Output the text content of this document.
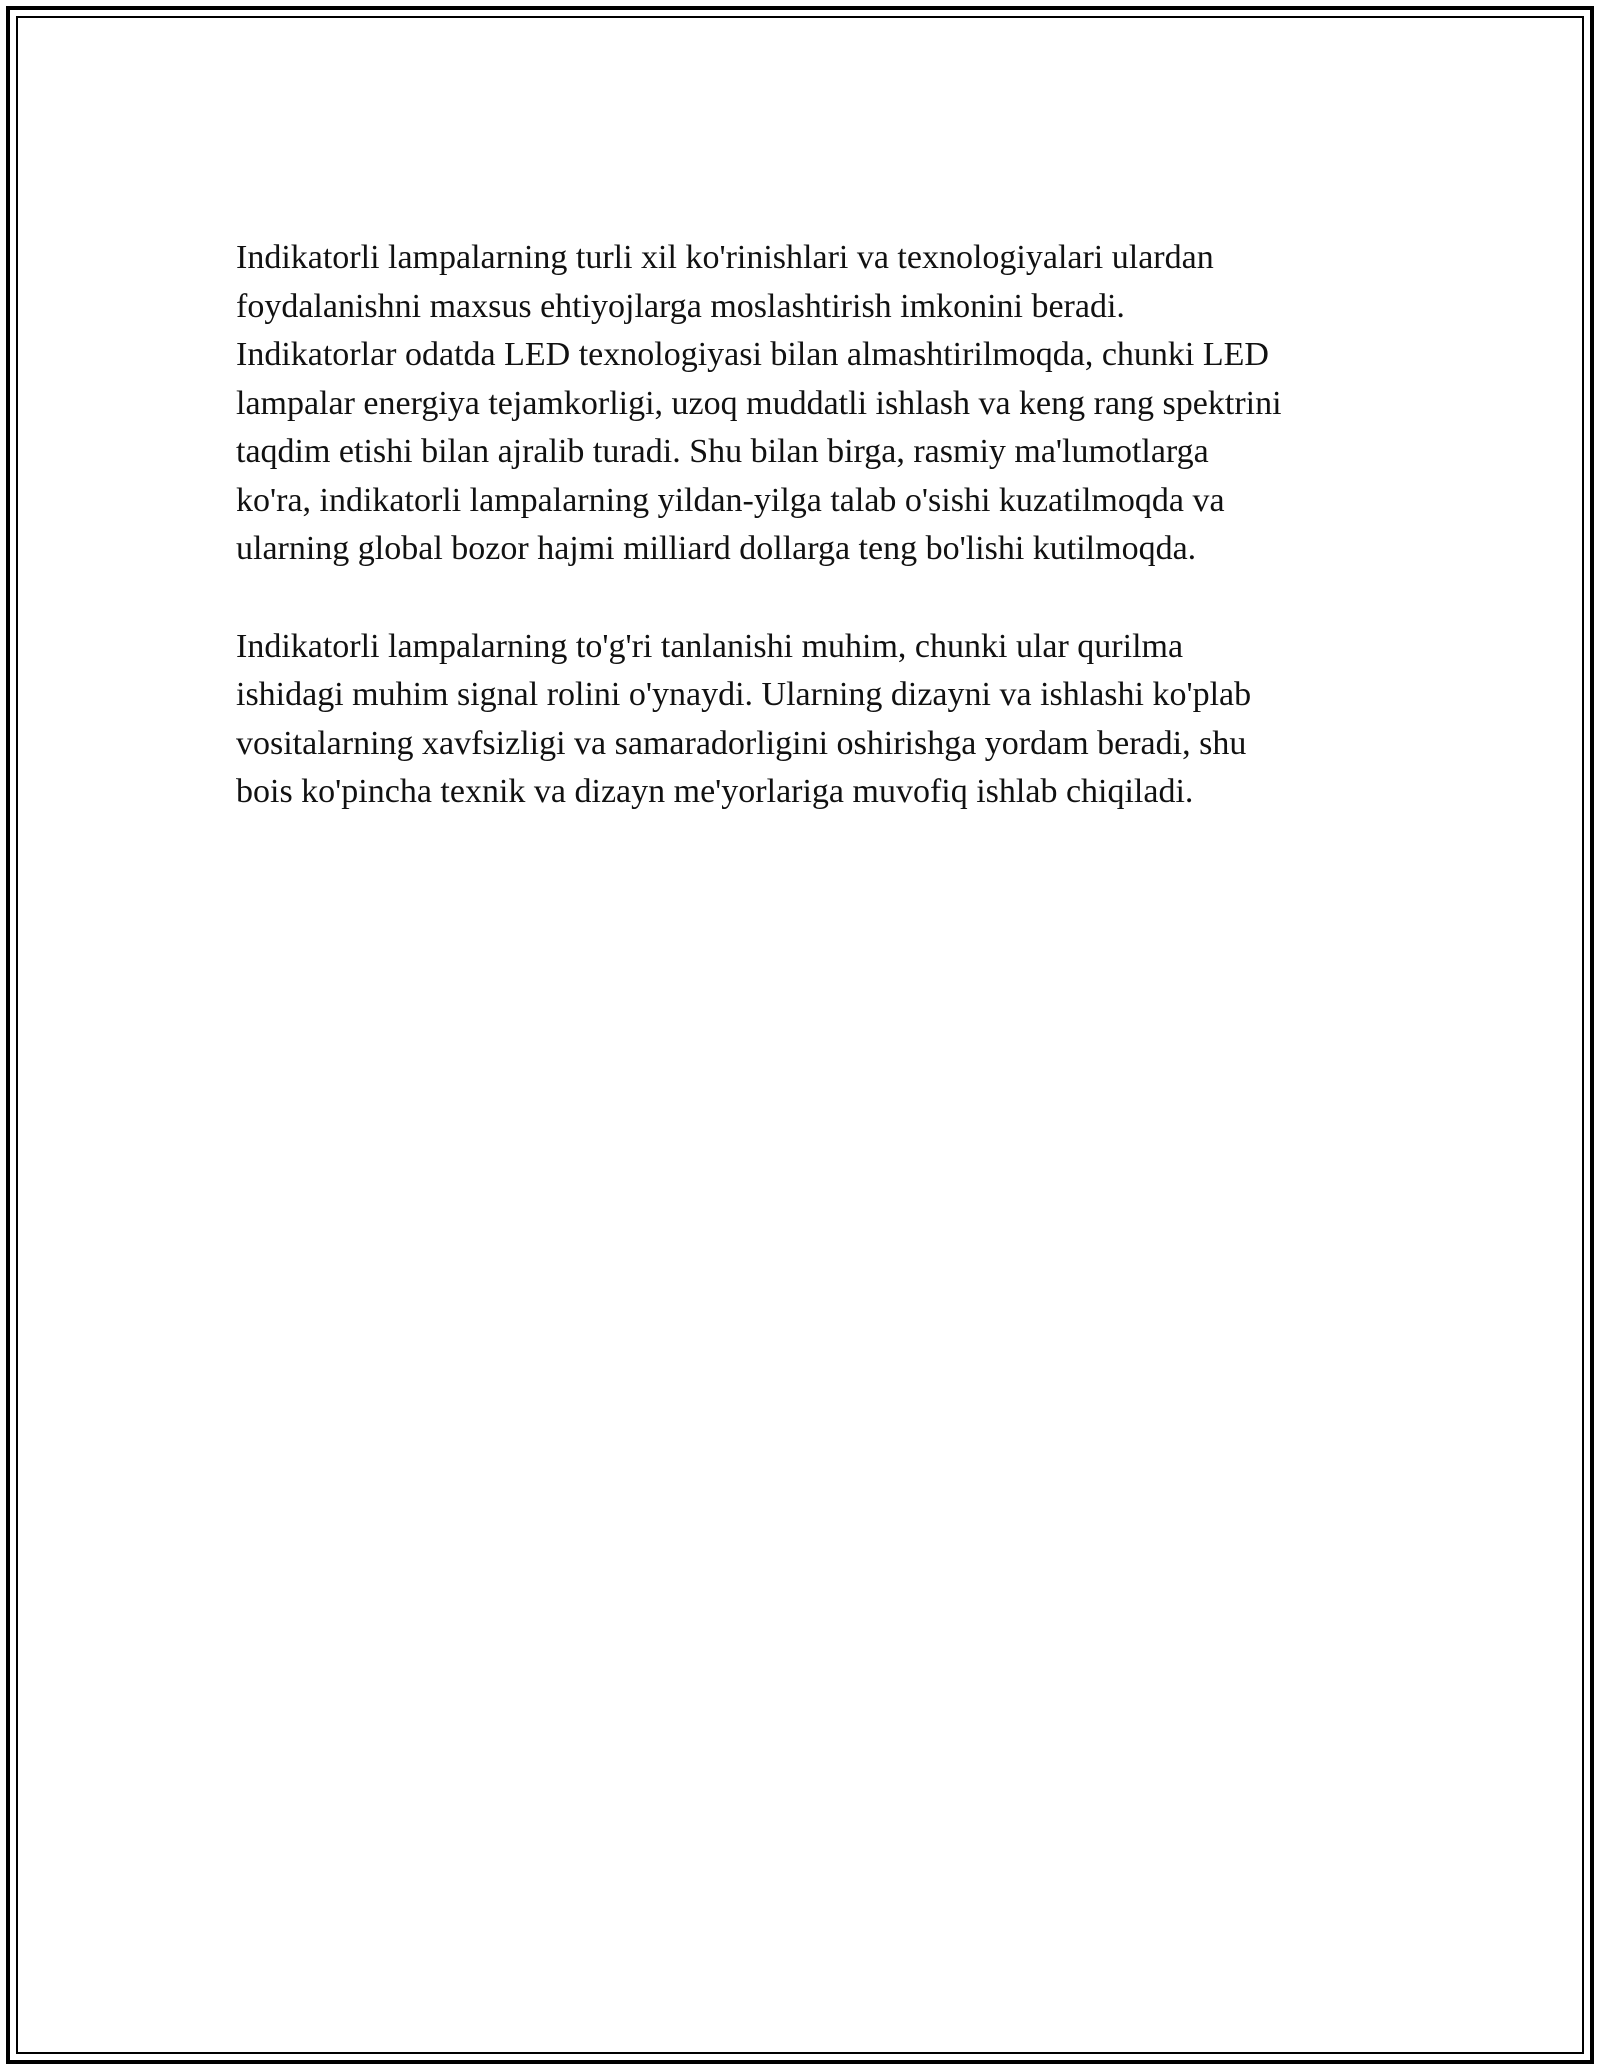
Indikatorli lampalarning turli xil ko'rinishlari va texnologiyalari ulardan
foydalanishni maxsus ehtiyojlarga moslashtirish imkonini beradi.
Indikatorlar odatda LED texnologiyasi bilan almashtirilmoqda, chunki LED
lampalar energiya tejamkorligi, uzoq muddatli ishlash va keng rang spektrini
taqdim etishi bilan ajralib turadi. Shu bilan birga, rasmiy ma'lumotlarga
ko'ra, indikatorli lampalarning yildan-yilga talab o'sishi kuzatilmoqda va
ularning global bozor hajmi milliard dollarga teng bo'lishi kutilmoqda.

Indikatorli lampalarning to'g'ri tanlanishi muhim, chunki ular qurilma
ishidagi muhim signal rolini o'ynaydi. Ularning dizayni va ishlashi ko'plab
vositalarning xavfsizligi va samaradorligini oshirishga yordam beradi, shu
bois ko'pincha texnik va dizayn me'yorlariga muvofiq ishlab chiqiladi.
